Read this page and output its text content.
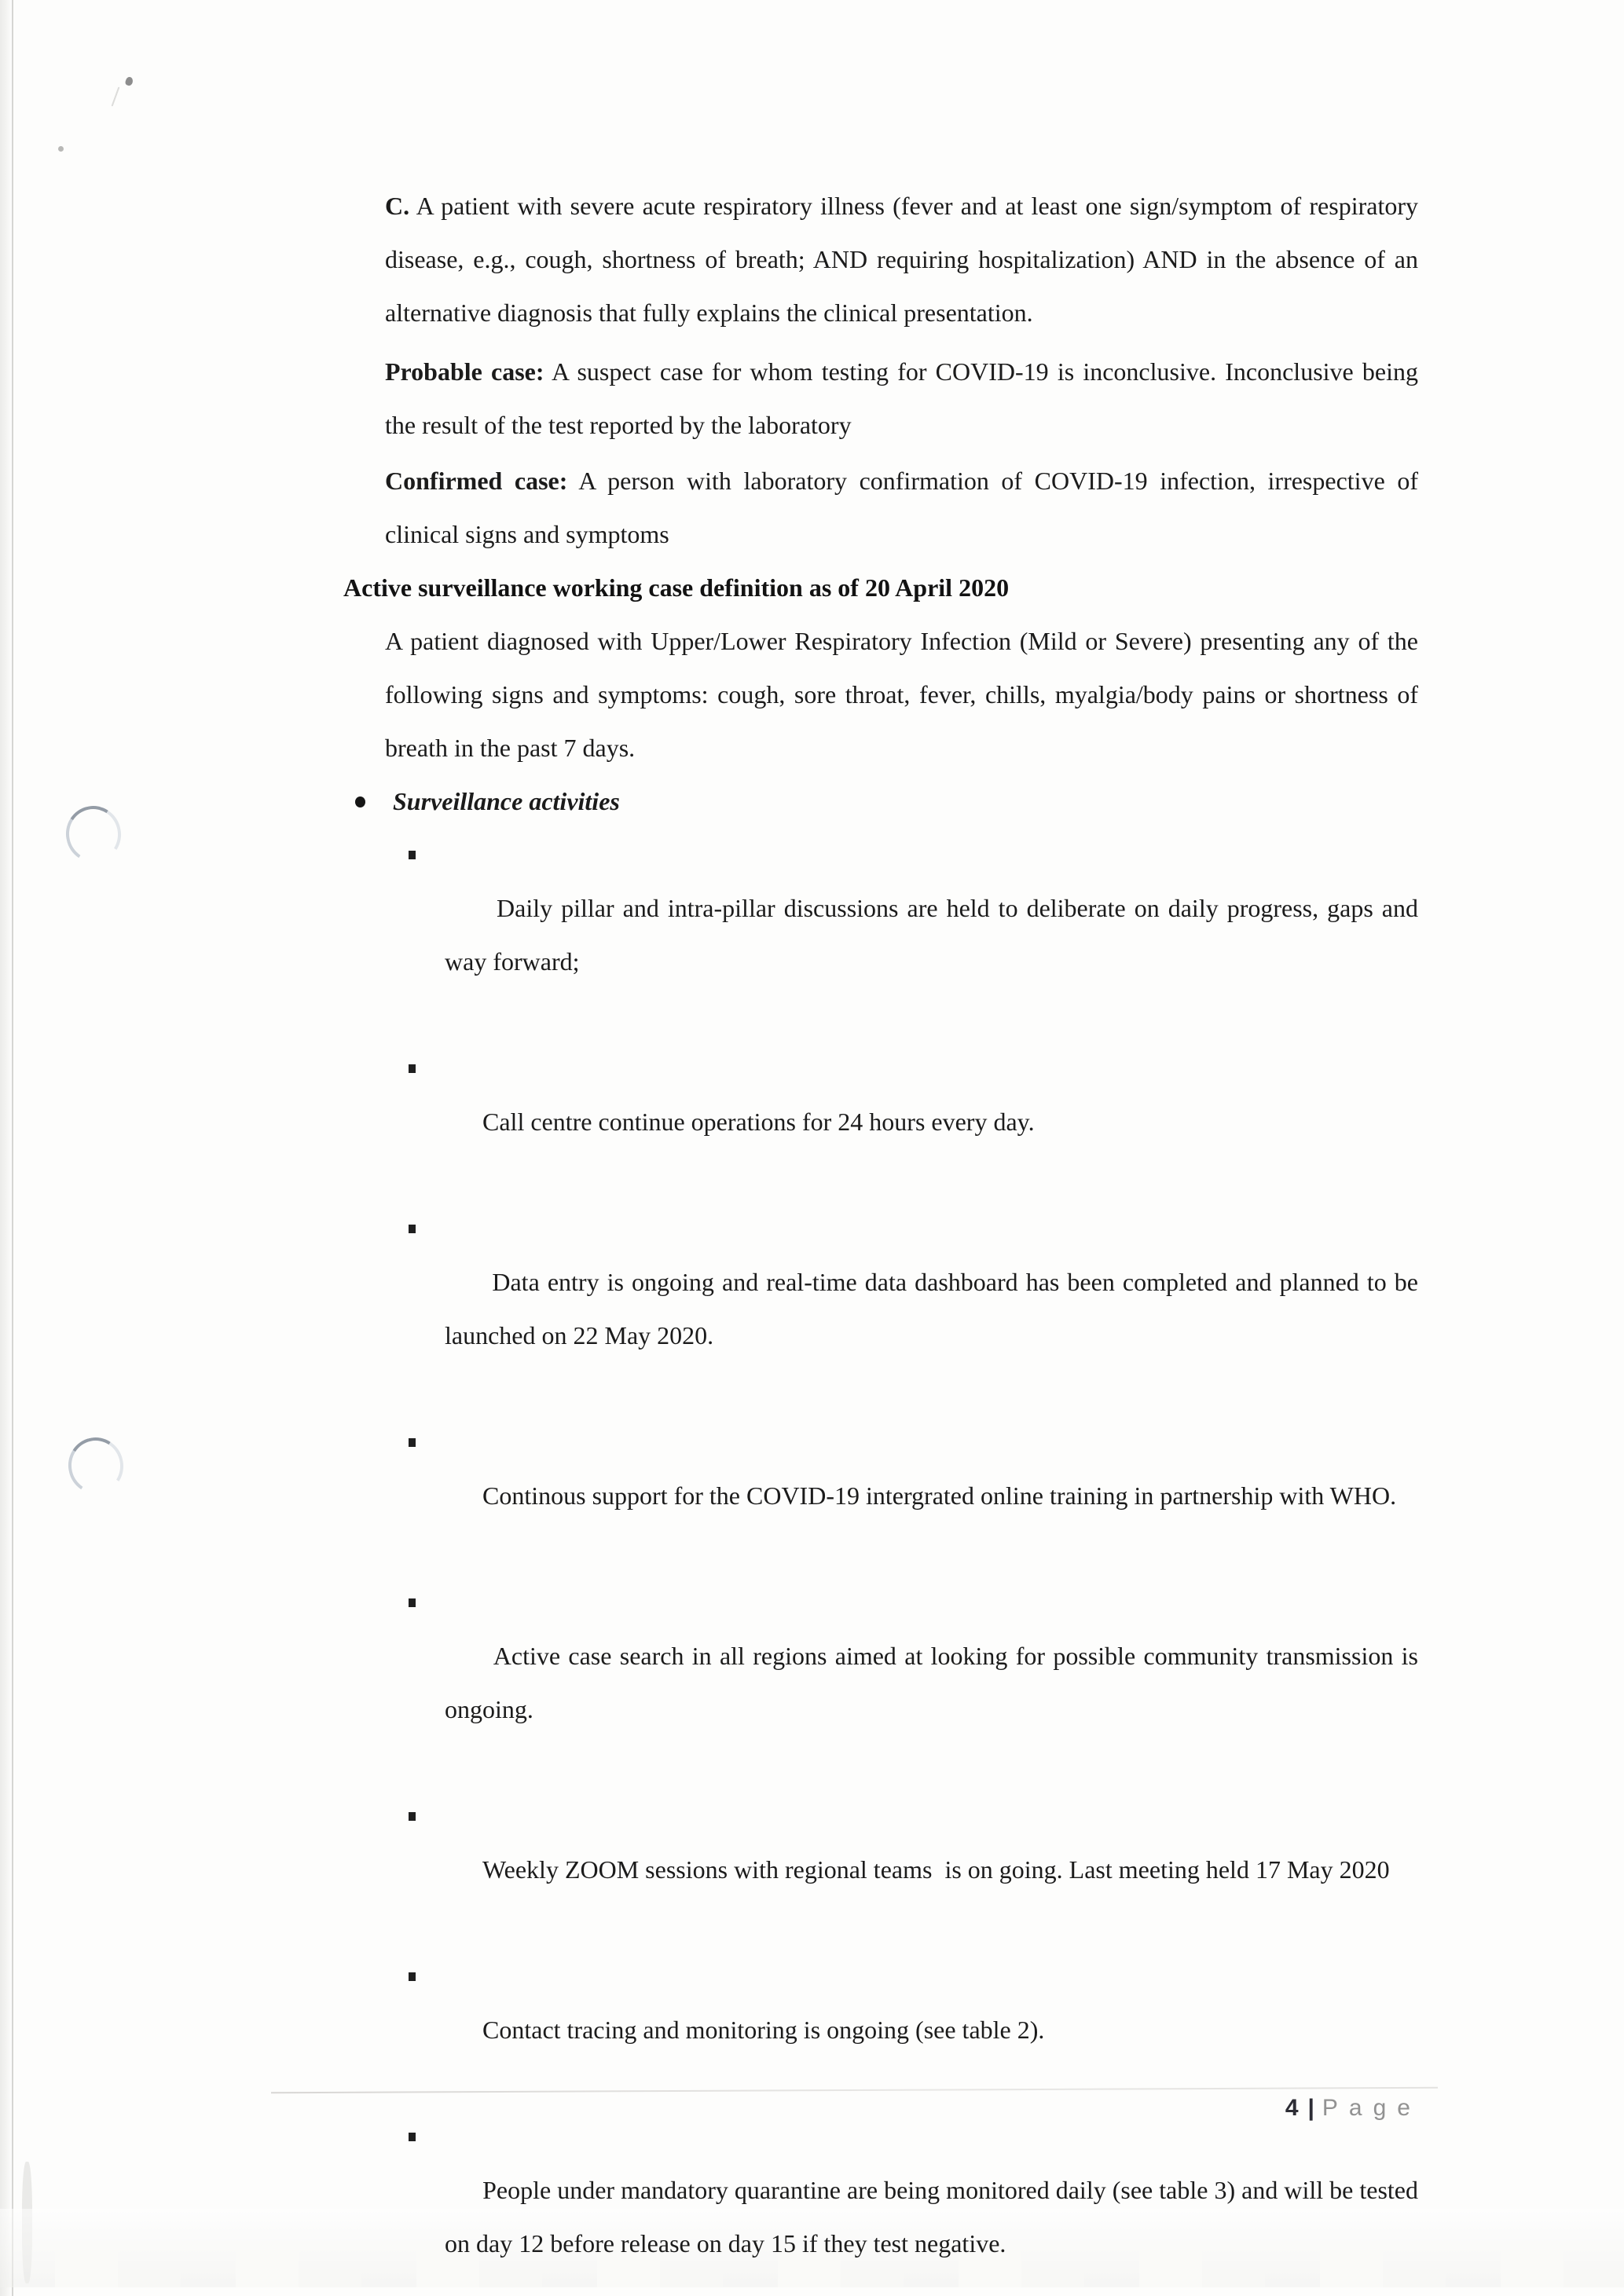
C. A patient with severe acute respiratory illness (fever and at least one sign/symptom of respiratory disease, e.g., cough, shortness of breath; AND requiring hospitalization) AND in the absence of an alternative diagnosis that fully explains the clinical presentation.

Probable case: A suspect case for whom testing for COVID-19 is inconclusive. Inconclusive being the result of the test reported by the laboratory

Confirmed case: A person with laboratory confirmation of COVID-19 infection, irrespective of clinical signs and symptoms

Active surveillance working case definition as of 20 April 2020

A patient diagnosed with Upper/Lower Respiratory Infection (Mild or Severe) presenting any of the following signs and symptoms: cough, sore throat, fever, chills, myalgia/body pains or shortness of breath in the past 7 days.

Surveillance activities

Daily pillar and intra-pillar discussions are held to deliberate on daily progress, gaps and way forward;

Call centre continue operations for 24 hours every day.

Data entry is ongoing and real-time data dashboard has been completed and planned to be launched on 22 May 2020.

Continous support for the COVID-19 intergrated online training in partnership with WHO.

Active case search in all regions aimed at looking for possible community transmission is ongoing.

Weekly ZOOM sessions with regional teams  is on going. Last meeting held 17 May 2020

Contact tracing and monitoring is ongoing (see table 2).

People under mandatory quarantine are being monitored daily (see table 3) and will be tested on day 12 before release on day 15 if they test negative.

4 | Page
